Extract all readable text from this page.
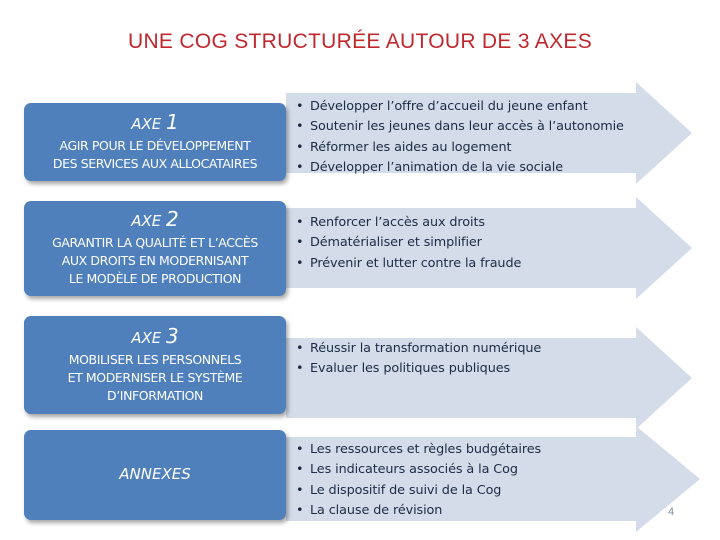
UNE COG STRUCTURÉE AUTOUR DE 3 AXES
AXE 1
AGIR POUR LE DÉVELOPPEMENT
DES SERVICES AUX ALLOCATAIRES
• Développer l’offre d’accueil du jeune enfant
• Soutenir les jeunes dans leur accès à l’autonomie
• Réformer les aides au logement
• Développer l’animation de la vie sociale
AXE 2
GARANTIR LA QUALITÉ ET L’ACCÈS
AUX DROITS EN MODERNISANT
LE MODÈLE DE PRODUCTION
• Renforcer l’accès aux droits
• Dématérialiser et simplifier
• Prévenir et lutter contre la fraude
AXE 3
MOBILISER LES PERSONNELS
ET MODERNISER LE SYSTÈME
D’INFORMATION
• Réussir la transformation numérique
• Evaluer les politiques publiques
ANNEXES
• Les ressources et règles budgétaires
• Les indicateurs associés à la Cog
• Le dispositif de suivi de la Cog
• La clause de révision	4
